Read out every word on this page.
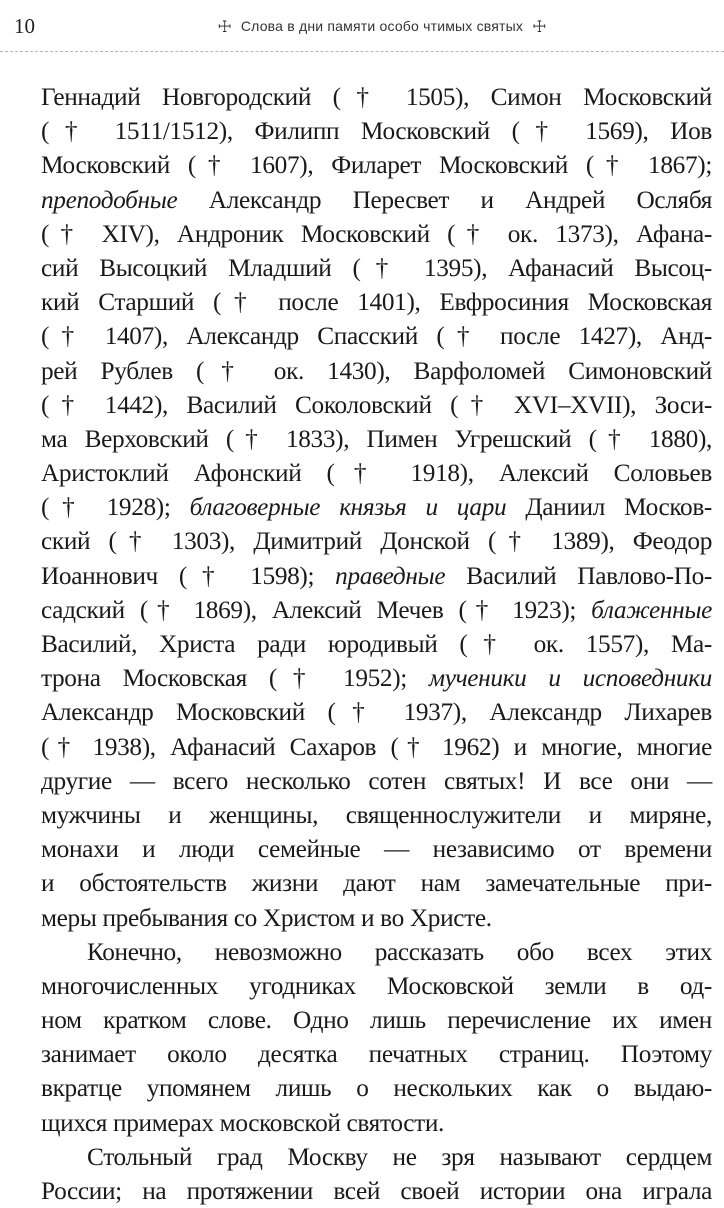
10	☩ Слова в дни памяти особо чтимых святых ☩
Геннадий Новгородский († 1505), Симон Московский
(† 1511/1512), Филипп Московский († 1569), Иов
Московский († 1607), Филарет Московский († 1867);
преподобные Александр Пересвет и Андрей Ослябя
(† XIV), Андроник Московский († ок. 1373), Афана-
сий Высоцкий Младший († 1395), Афанасий Высоц-
кий Старший († после 1401), Евфросиния Московская
(† 1407), Александр Спасский († после 1427), Анд-
рей Рублев († ок. 1430), Варфоломей Симоновский
(† 1442), Василий Соколовский († XVI–XVII), Зоси-
ма Верховский († 1833), Пимен Угрешский († 1880),
Аристоклий Афонский († 1918), Алексий Соловьев
(† 1928); благоверные князья и цари Даниил Москов-
ский († 1303), Димитрий Донской († 1389), Феодор
Иоаннович († 1598); праведные Василий Павлово-По-
садский († 1869), Алексий Мечев († 1923); блаженные
Василий, Христа ради юродивый († ок. 1557), Ма-
трона Московская († 1952); мученики и исповедники
Александр Московский († 1937), Александр Лихарев
(† 1938), Афанасий Сахаров († 1962) и многие, многие
другие — всего несколько сотен святых! И все они —
мужчины и женщины, священнослужители и миряне,
монахи и люди семейные — независимо от времени
и обстоятельств жизни дают нам замечательные при-
меры пребывания со Христом и во Христе.
Конечно, невозможно рассказать обо всех этих
многочисленных угодниках Московской земли в од-
ном кратком слове. Одно лишь перечисление их имен
занимает около десятка печатных страниц. Поэтому
вкратце упомянем лишь о нескольких как о выдаю-
щихся примерах московской святости.
Стольный град Москву не зря называют сердцем
России; на протяжении всей своей истории она играла
